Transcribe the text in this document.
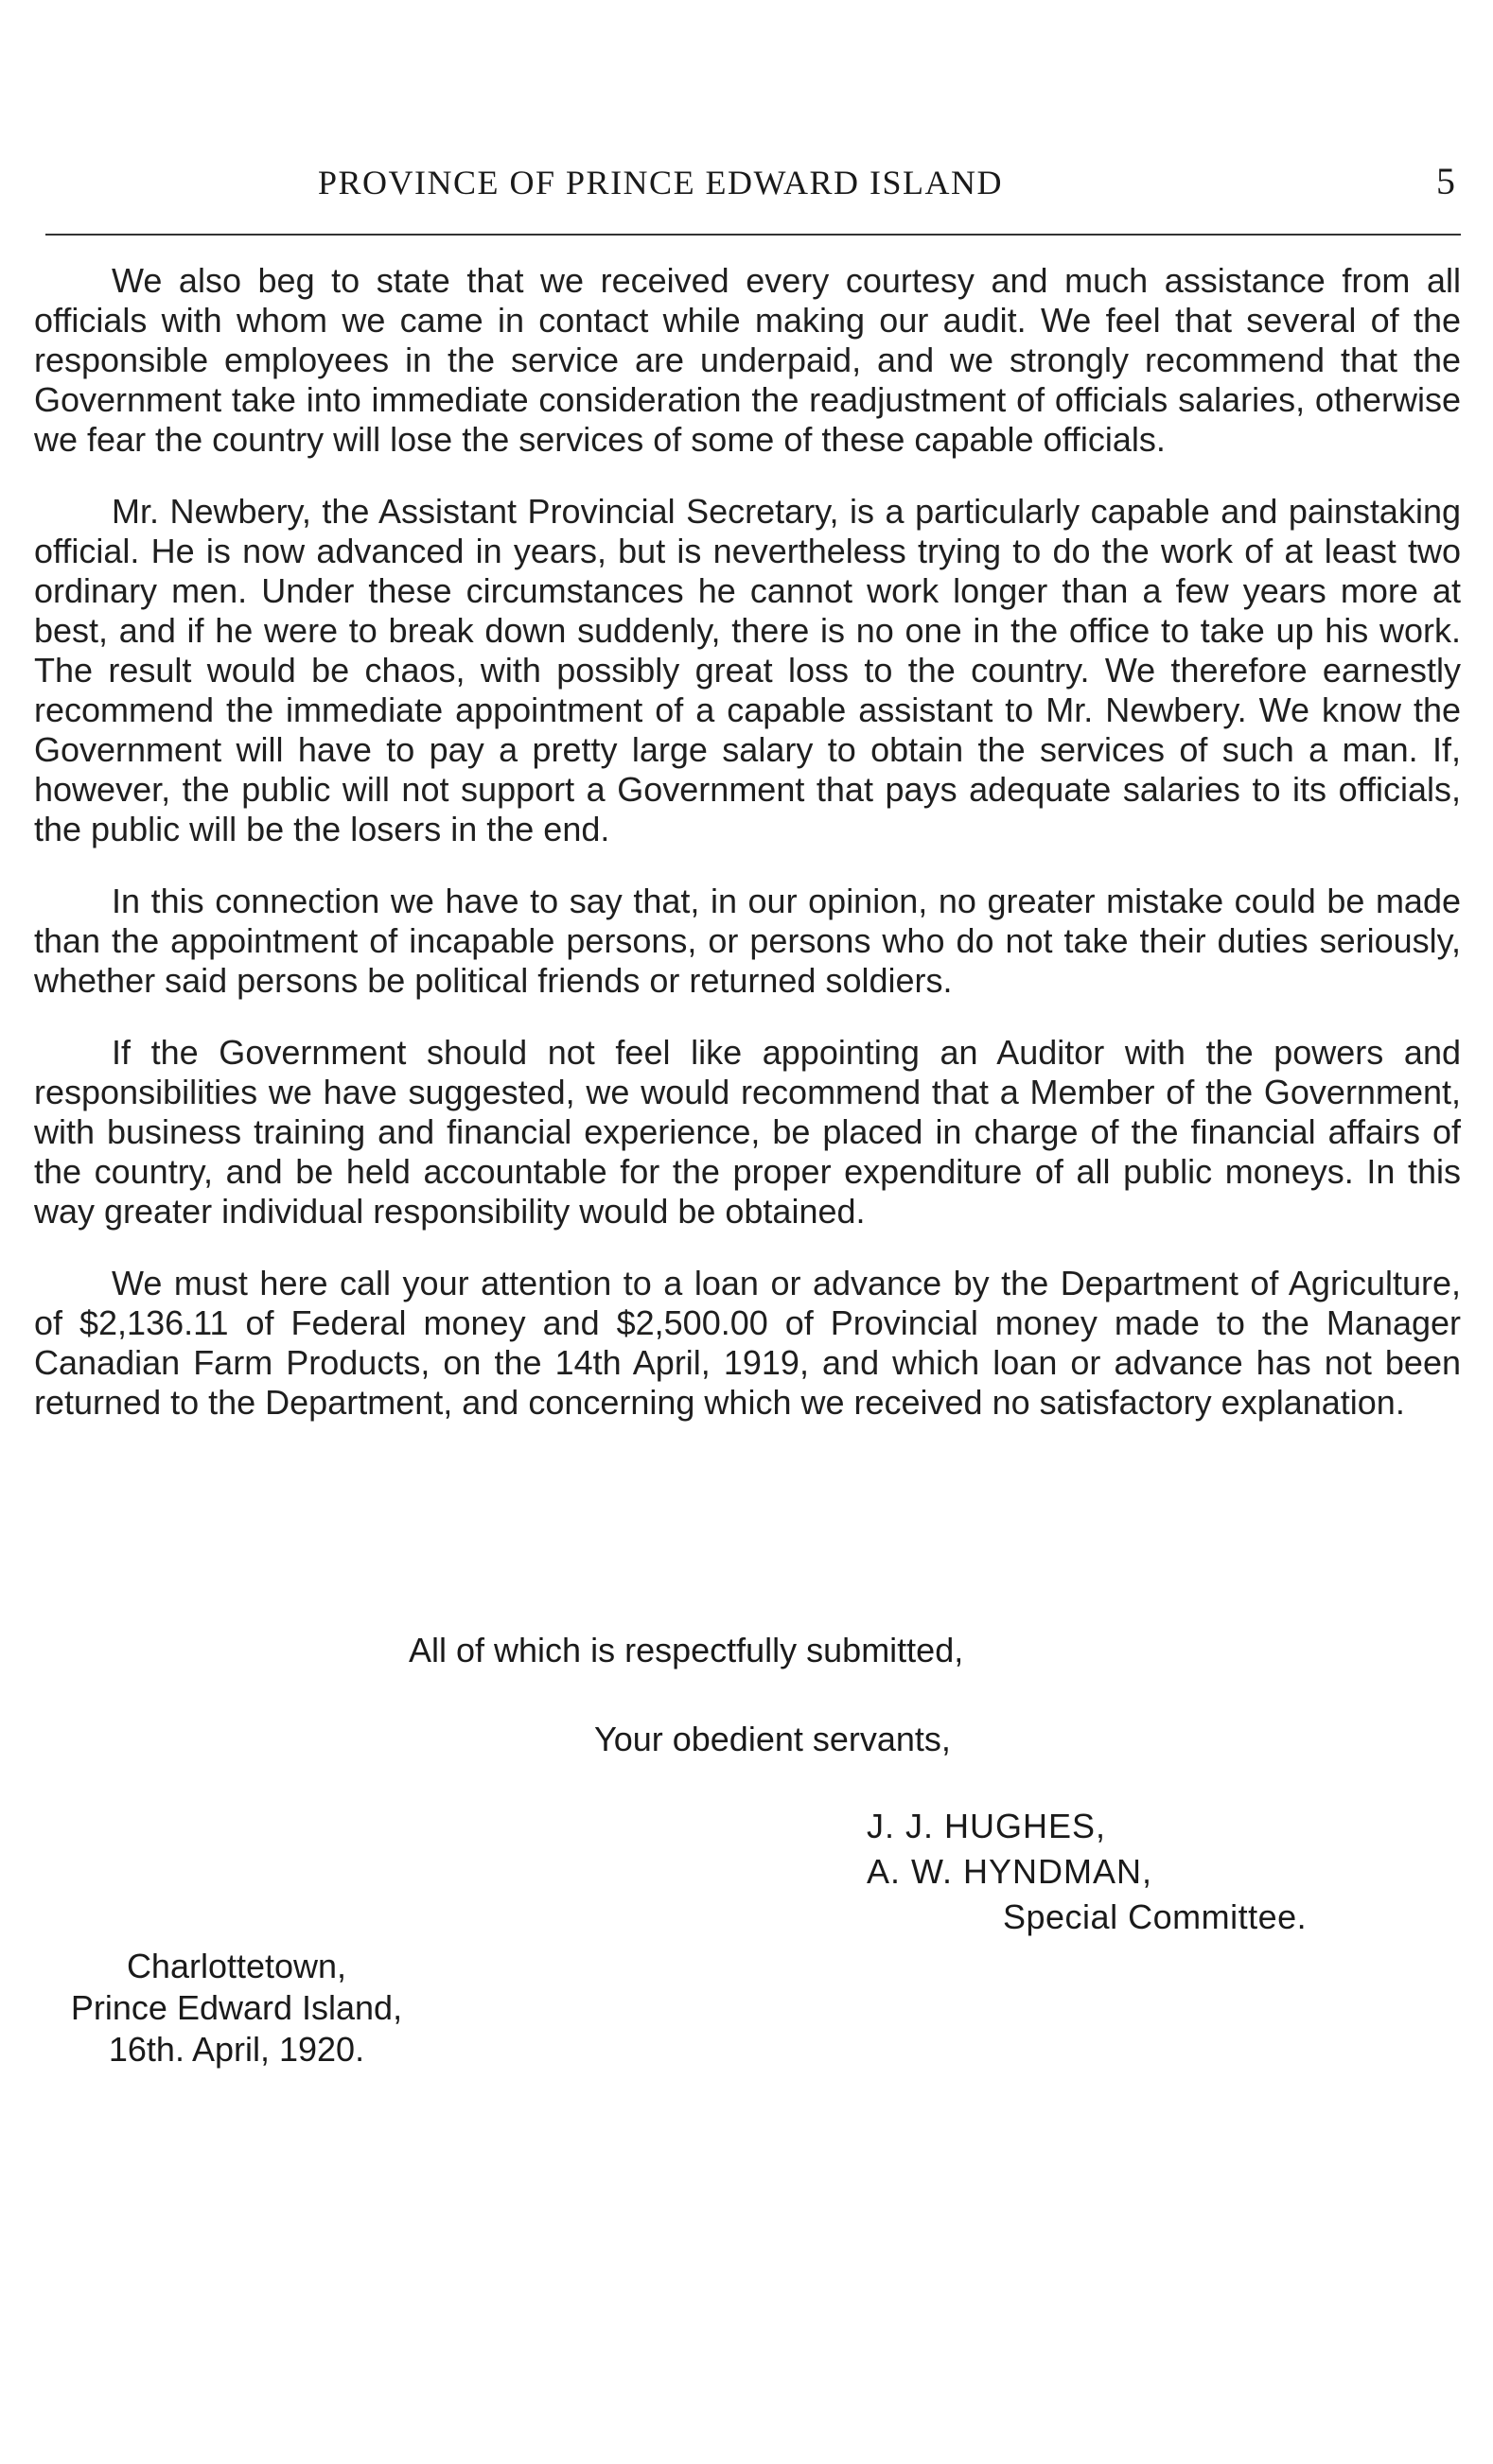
PROVINCE OF PRINCE EDWARD ISLAND	5

We also beg to state that we received every courtesy and much assistance from all officials with whom we came in contact while making our audit. We feel that several of the responsible employees in the service are underpaid, and we strongly recommend that the Government take into immediate consideration the readjustment of officials salaries, otherwise we fear the country will lose the services of some of these capable officials.

Mr. Newbery, the Assistant Provincial Secretary, is a particularly capable and painstaking official. He is now advanced in years, but is nevertheless trying to do the work of at least two ordinary men. Under these circumstances he cannot work longer than a few years more at best, and if he were to break down suddenly, there is no one in the office to take up his work. The result would be chaos, with possibly great loss to the country. We therefore earnestly recommend the immediate appointment of a capable assistant to Mr. Newbery. We know the Government will have to pay a pretty large salary to obtain the services of such a man. If, however, the public will not support a Government that pays adequate salaries to its officials, the public will be the losers in the end.

In this connection we have to say that, in our opinion, no greater mistake could be made than the appointment of incapable persons, or persons who do not take their duties seriously, whether said persons be political friends or returned soldiers.

If the Government should not feel like appointing an Auditor with the powers and responsibilities we have suggested, we would recommend that a Member of the Government, with business training and financial experience, be placed in charge of the financial affairs of the country, and be held accountable for the proper expenditure of all public moneys. In this way greater individual responsibility would be obtained.

We must here call your attention to a loan or advance by the Department of Agriculture, of $2,136.11 of Federal money and $2,500.00 of Provincial money made to the Manager Canadian Farm Products, on the 14th April, 1919, and which loan or advance has not been returned to the Department, and concerning which we received no satisfactory explanation.

All of which is respectfully submitted,
Your obedient servants,
J. J. HUGHES,
A. W. HYNDMAN,
Special Committee.
Charlottetown,
Prince Edward Island,
16th. April, 1920.
